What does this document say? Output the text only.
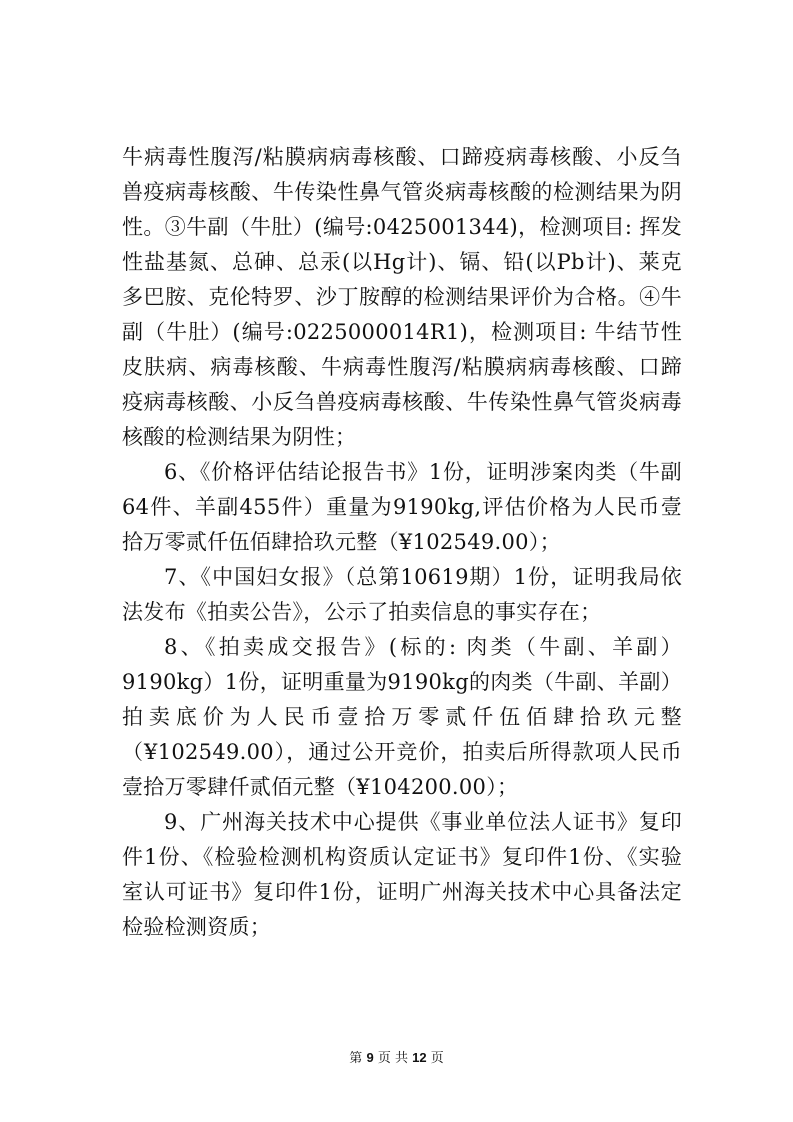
牛病毒性腹泻/粘膜病病毒核酸、口蹄疫病毒核酸、小反刍兽疫病毒核酸、牛传染性鼻气管炎病毒核酸的检测结果为阴性。③牛副（牛肚）(编号:0425001344)，检测项目: 挥发性盐基氮、总砷、总汞(以Hg计)、镉、铅(以Pb计)、莱克多巴胺、克伦特罗、沙丁胺醇的检测结果评价为合格。④牛副（牛肚）(编号:0225000014R1)，检测项目: 牛结节性皮肤病、病毒核酸、牛病毒性腹泻/粘膜病病毒核酸、口蹄疫病毒核酸、小反刍兽疫病毒核酸、牛传染性鼻气管炎病毒核酸的检测结果为阴性；

6、《价格评估结论报告书》1份，证明涉案肉类（牛副64件、羊副455件）重量为9190kg,评估价格为人民币壹拾万零贰仟伍佰肆拾玖元整（¥102549.00）；

7、《中国妇女报》（总第10619期）1份，证明我局依法发布《拍卖公告》，公示了拍卖信息的事实存在；

8、《拍卖成交报告》(标的: 肉类（牛副、羊副）9190kg）1份，证明重量为9190kg的肉类（牛副、羊副）拍卖底价为人民币壹拾万零贰仟伍佰肆拾玖元整（¥102549.00），通过公开竞价，拍卖后所得款项人民币壹拾万零肆仟贰佰元整（¥104200.00）；

9、广州海关技术中心提供《事业单位法人证书》复印件1份、《检验检测机构资质认定证书》复印件1份、《实验室认可证书》复印件1份，证明广州海关技术中心具备法定检验检测资质；

第 9 页 共 12 页
